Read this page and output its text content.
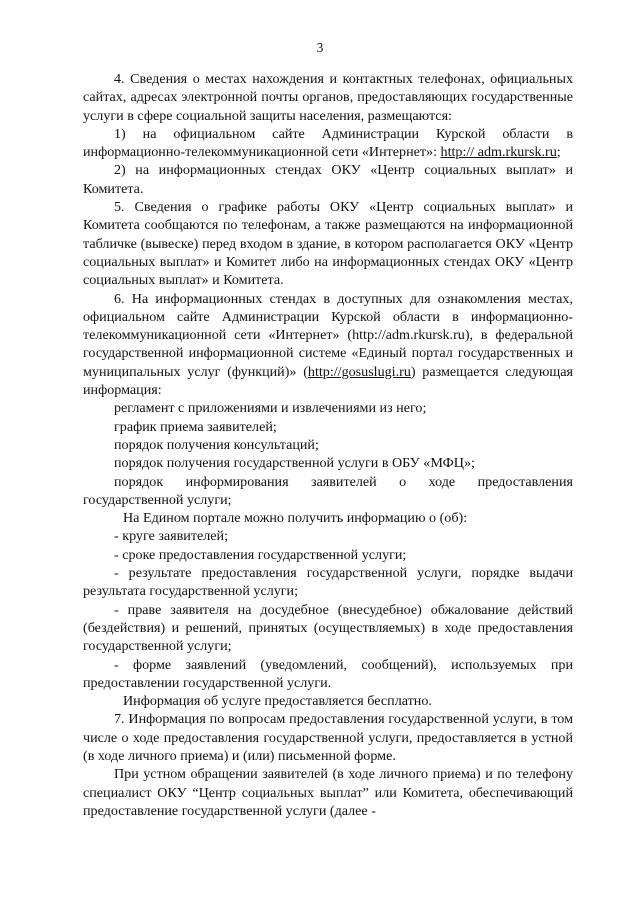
3

4. Сведения о местах нахождения и контактных телефонах, официальных сайтах, адресах электронной почты органов, предоставляющих государственные услуги в сфере социальной защиты населения, размещаются:

1) на официальном сайте Администрации Курской области в информационно-телекоммуникационной сети «Интернет»: http:// adm.rkursk.ru;

2) на информационных стендах ОКУ «Центр социальных выплат» и Комитета.

5. Сведения о графике работы ОКУ «Центр социальных выплат» и Комитета сообщаются по телефонам, а также размещаются на информационной табличке (вывеске) перед входом в здание, в котором располагается ОКУ «Центр социальных выплат» и Комитет либо на информационных стендах ОКУ «Центр социальных выплат» и Комитета.

6. На информационных стендах в доступных для ознакомления местах, официальном сайте Администрации Курской области в информационно-телекоммуникационной сети «Интернет» (http://adm.rkursk.ru), в федеральной государственной информационной системе «Единый портал государственных и муниципальных услуг (функций)» (http://gosuslugi.ru) размещается следующая информация:

регламент с приложениями и извлечениями из него;

график приема заявителей;

порядок получения консультаций;

порядок получения государственной услуги в ОБУ «МФЦ»;

порядок информирования заявителей о ходе предоставления государственной услуги;

На Едином портале можно получить информацию о (об):

- круге заявителей;

- сроке предоставления государственной услуги;

- результате предоставления государственной услуги, порядке выдачи результата государственной услуги;

- праве заявителя на досудебное (внесудебное) обжалование действий (бездействия) и решений, принятых (осуществляемых) в ходе предоставления государственной услуги;

- форме заявлений (уведомлений, сообщений), используемых при предоставлении государственной услуги.

Информация об услуге предоставляется бесплатно.

7. Информация по вопросам предоставления государственной услуги, в том числе о ходе предоставления государственной услуги, предоставляется в устной (в ходе личного приема) и (или) письменной форме.

При устном обращении заявителей (в ходе личного приема) и по телефону специалист ОКУ “Центр социальных выплат” или Комитета, обеспечивающий предоставление государственной услуги (далее -
